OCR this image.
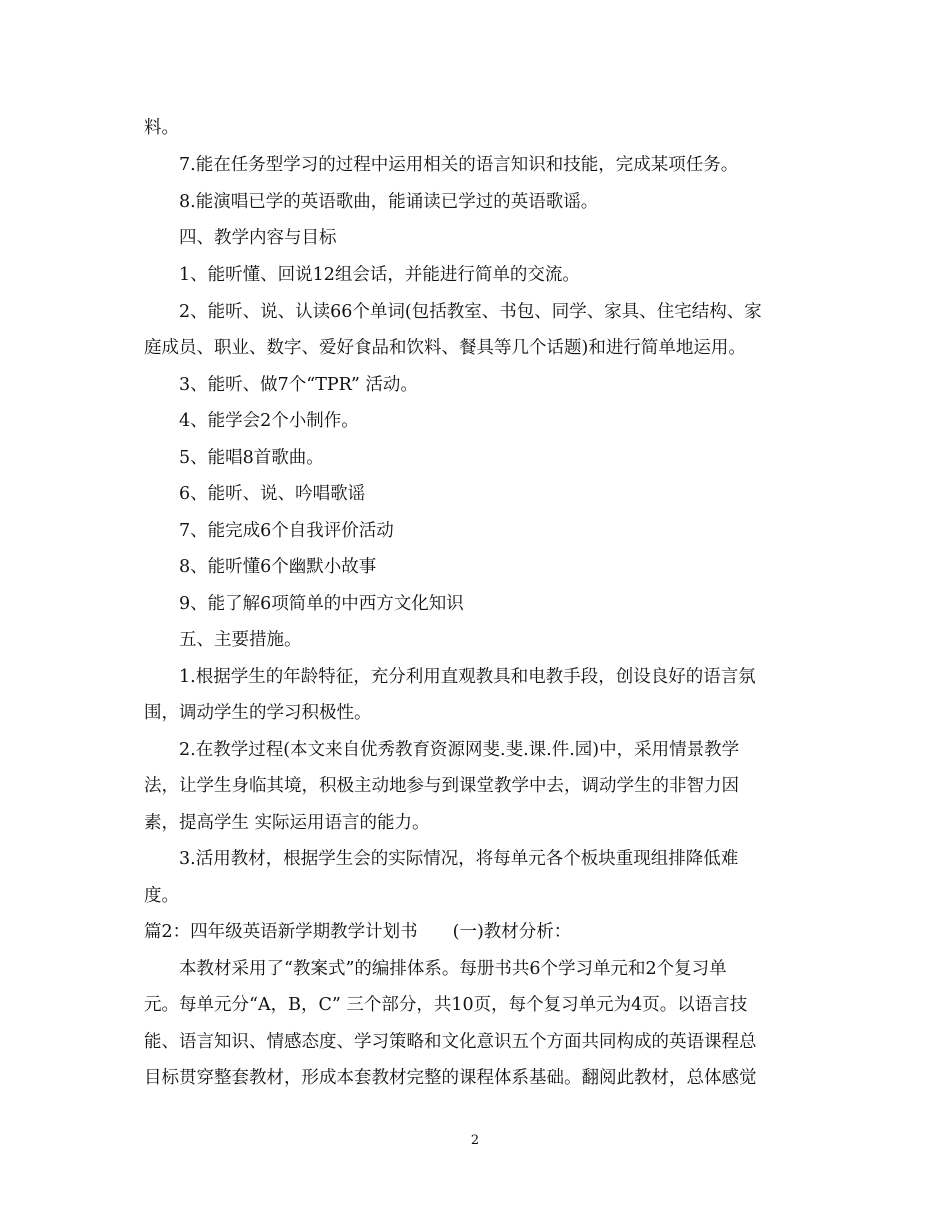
料。
7.能在任务型学习的过程中运用相关的语言知识和技能，完成某项任务。
8.能演唱已学的英语歌曲，能诵读已学过的英语歌谣。
四、教学内容与目标
1、能听懂、回说12组会话，并能进行简单的交流。
2、能听、说、认读66个单词(包括教室、书包、同学、家具、住宅结构、家
庭成员、职业、数字、爱好食品和饮料、餐具等几个话题)和进行简单地运用。
3、能听、做7个“TPR” 活动。
4、能学会2个小制作。
5、能唱8首歌曲。
6、能听、说、吟唱歌谣
7、能完成6个自我评价活动
8、能听懂6个幽默小故事
9、能了解6项简单的中西方文化知识
五、主要措施。
1.根据学生的年龄特征，充分利用直观教具和电教手段，创设良好的语言氛
围，调动学生的学习积极性。
2.在教学过程(本文来自优秀教育资源网斐.斐.课.件.园)中，采用情景教学
法，让学生身临其境，积极主动地参与到课堂教学中去，调动学生的非智力因
素，提高学生 实际运用语言的能力。
3.活用教材，根据学生会的实际情况，将每单元各个板块重现组排降低难
度。
篇2：四年级英语新学期教学计划书　　(一)教材分析：
本教材采用了“教案式”的编排体系。每册书共6个学习单元和2个复习单
元。每单元分“A，B，C” 三个部分，共10页，每个复习单元为4页。以语言技
能、语言知识、情感态度、学习策略和文化意识五个方面共同构成的英语课程总
目标贯穿整套教材，形成本套教材完整的课程体系基础。翻阅此教材，总体感觉
2
